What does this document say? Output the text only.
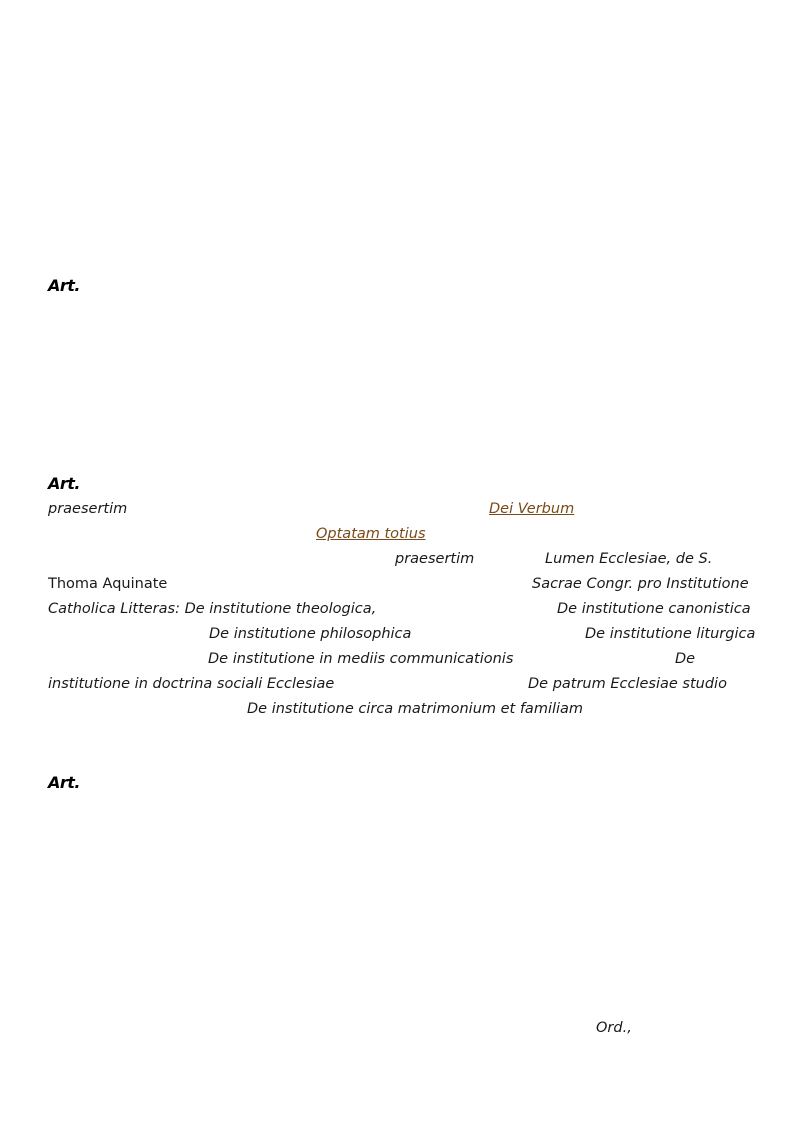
Art.
Art.
Art.
praesertim	Dei Verbum
Optatam totius
praesertim	Lumen Ecclesiae, de S.
Thoma Aquinate	Sacrae Congr. pro Institutione
Catholica Litteras: De institutione theologica,	De institutione canonistica
De institutione philosophica	De institutione liturgica
De institutione in mediis communicationis	De
institutione in doctrina sociali Ecclesiae	De patrum Ecclesiae studio
De institutione circa matrimonium et familiam
Ord.,
